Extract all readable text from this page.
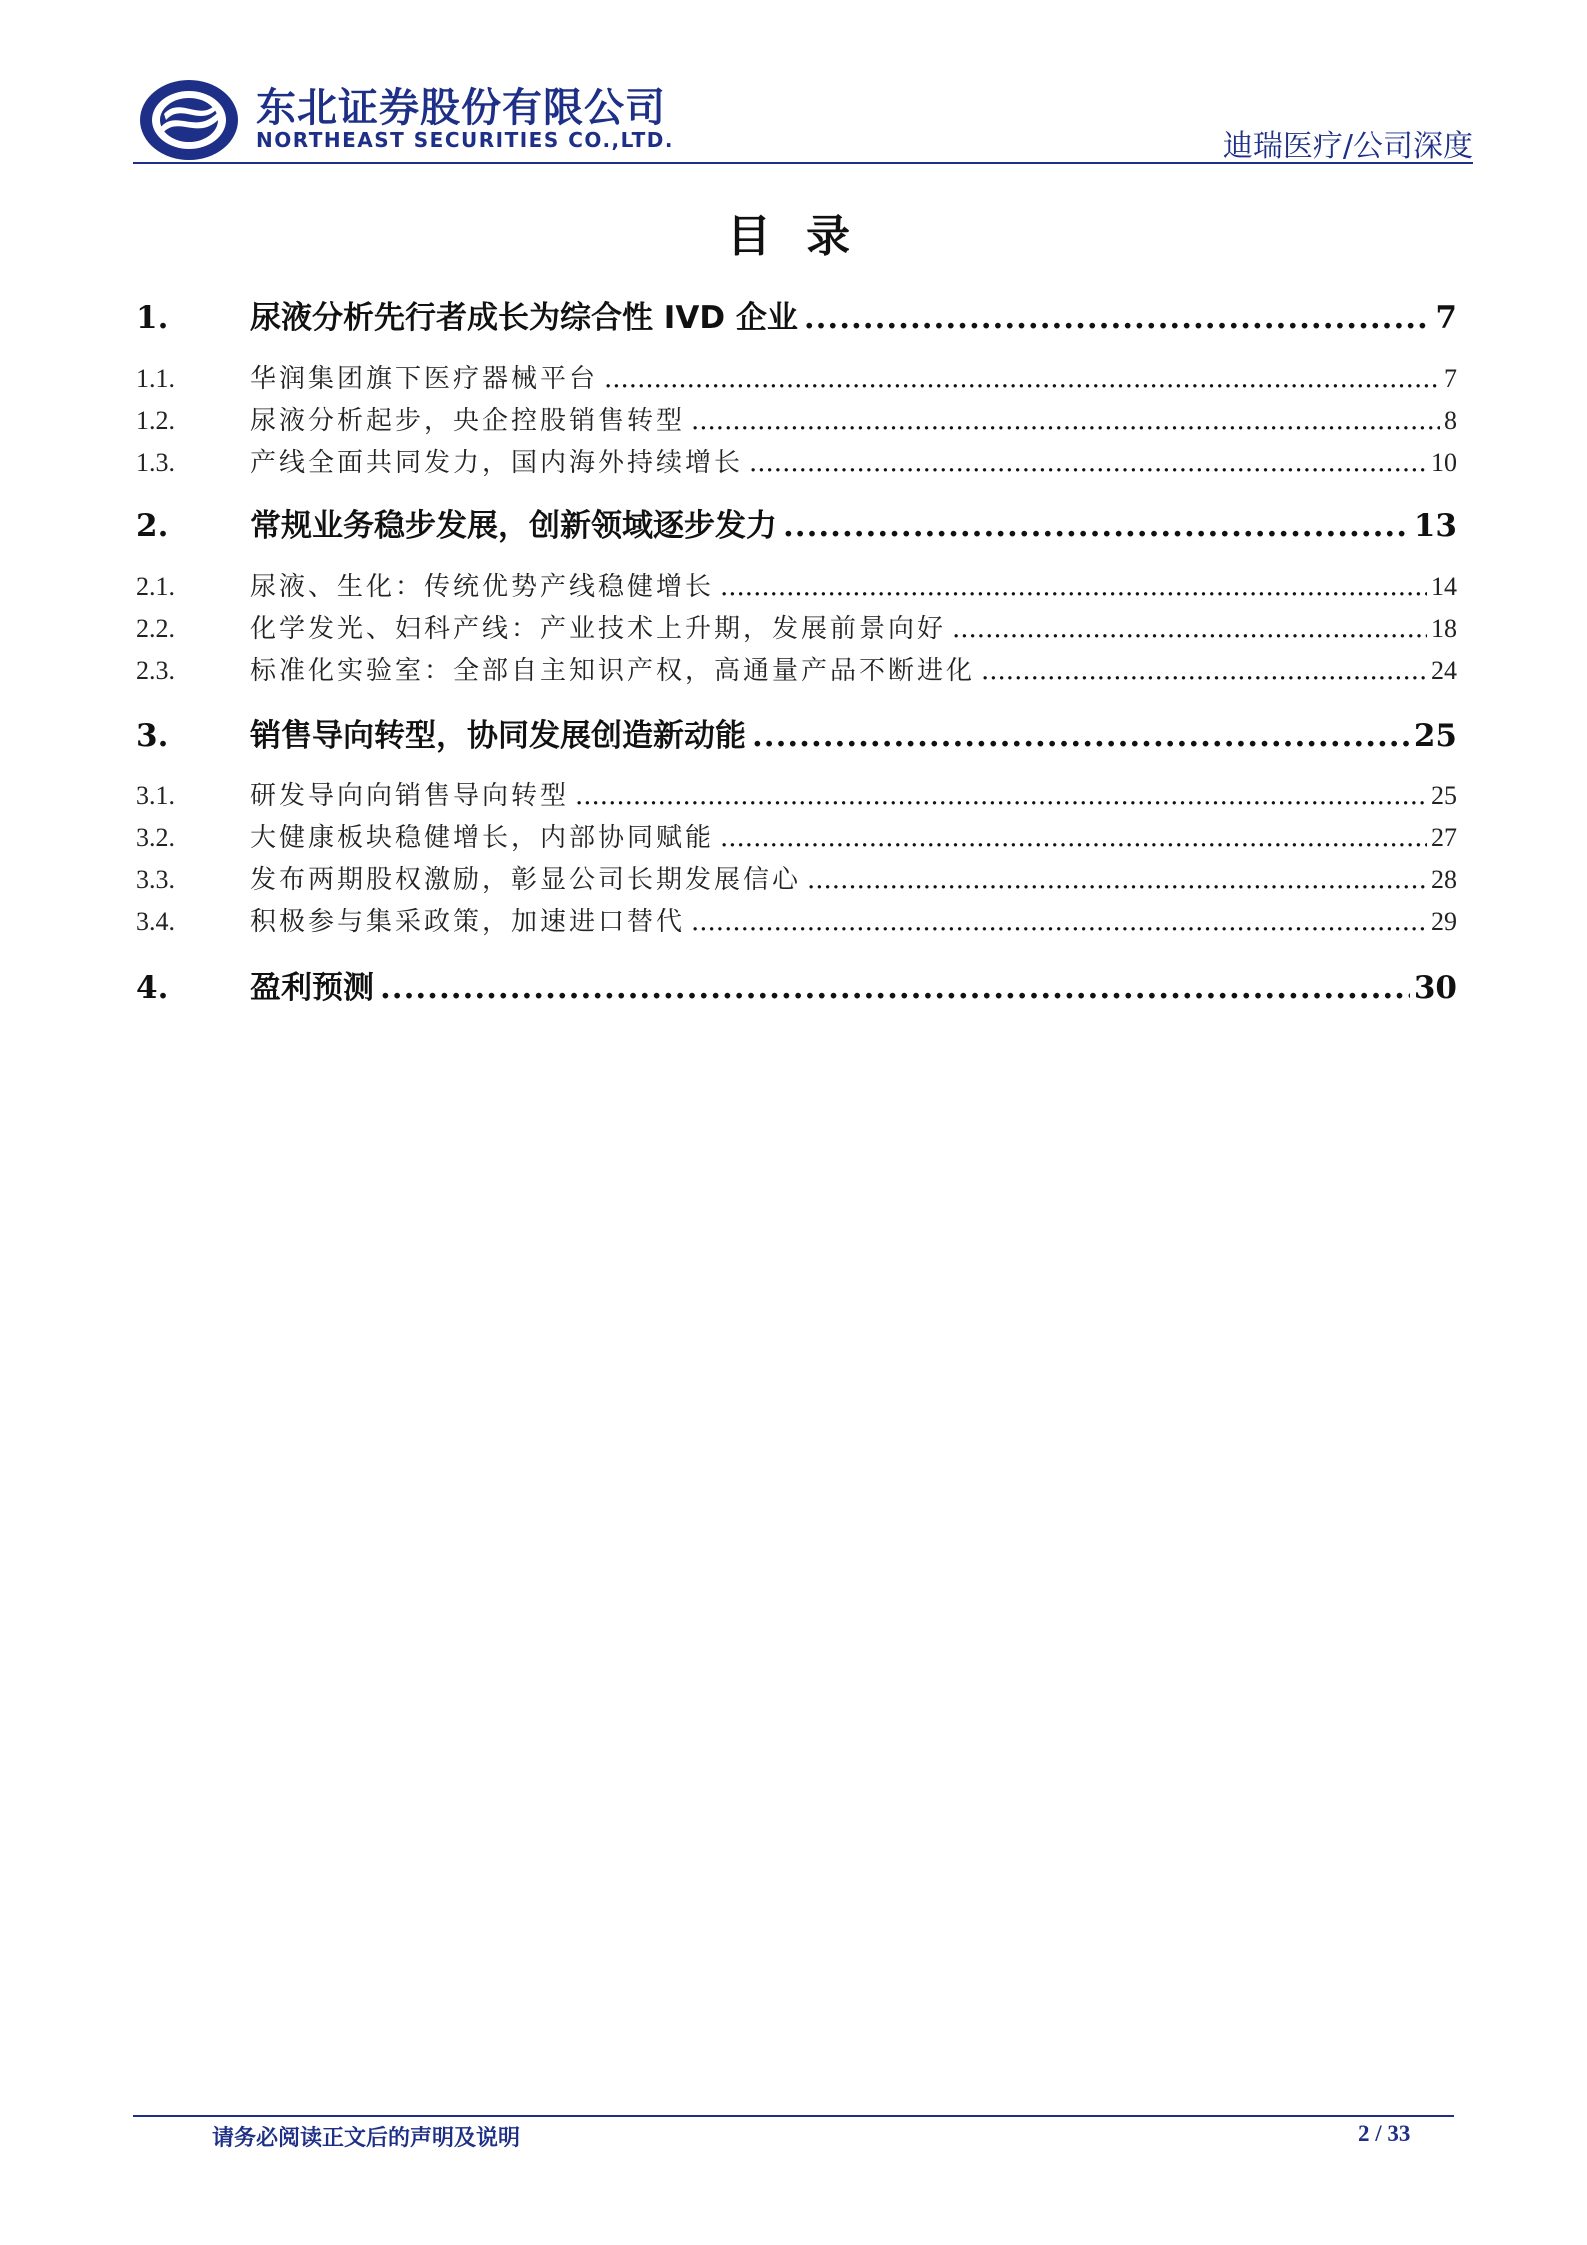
东北证券股份有限公司
NORTHEAST SECURITIES CO.,LTD.	迪瑞医疗/公司深度
目 录
1.	尿液分析先行者成长为综合性 IVD 企业 .....	7
1.1.	华润集团旗下医疗器械平台 .....	7
1.2.	尿液分析起步，央企控股销售转型 .....	8
1.3.	产线全面共同发力，国内海外持续增长 .....	10
2.	常规业务稳步发展，创新领域逐步发力 .....	13
2.1.	尿液、生化：传统优势产线稳健增长 .....	14
2.2.	化学发光、妇科产线：产业技术上升期，发展前景向好 .....	18
2.3.	标准化实验室：全部自主知识产权，高通量产品不断进化 .....	24
3.	销售导向转型，协同发展创造新动能 .....	25
3.1.	研发导向向销售导向转型 .....	25
3.2.	大健康板块稳健增长，内部协同赋能 .....	27
3.3.	发布两期股权激励，彰显公司长期发展信心 .....	28
3.4.	积极参与集采政策，加速进口替代 .....	29
4.	盈利预测 .....	30
请务必阅读正文后的声明及说明	2 / 33
